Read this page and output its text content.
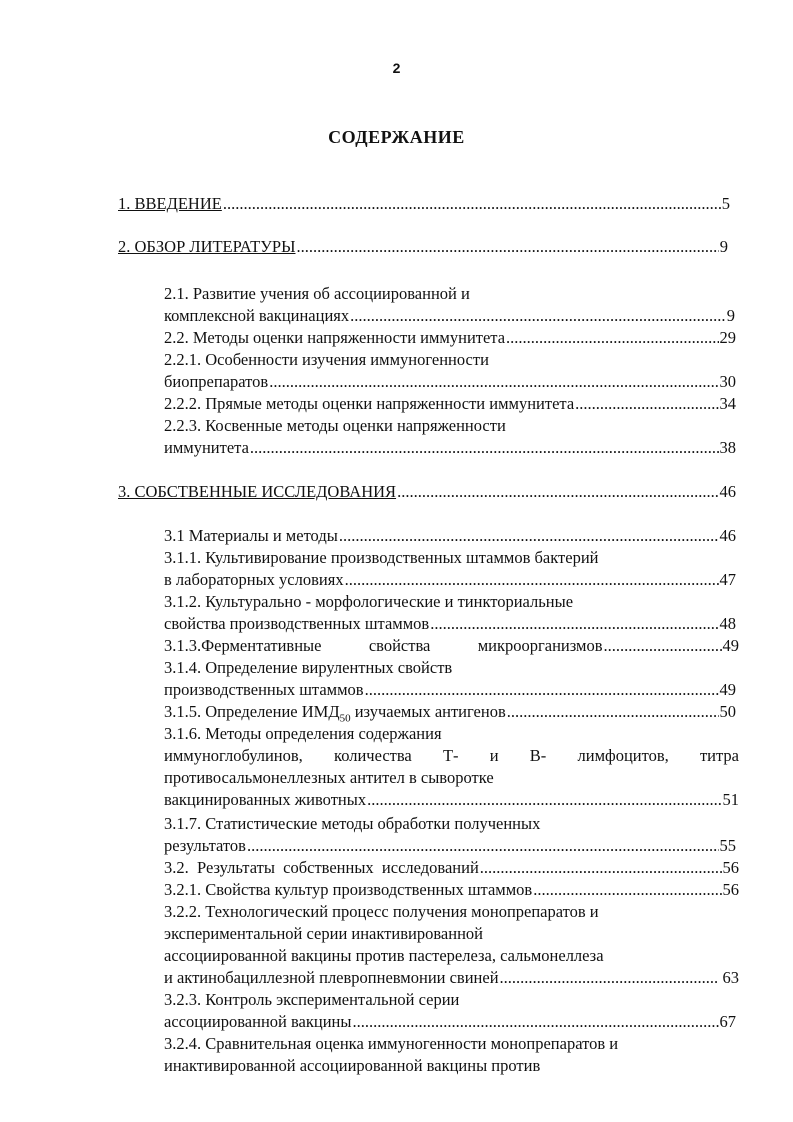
2
СОДЕРЖАНИЕ
1. ВВЕДЕНИЕ .....	5
2. ОБЗОР ЛИТЕРАТУРЫ .....	9
2.1. Развитие учения об ассоциированной и
комплексной вакцинациях .....	9
2.2. Методы оценки напряженности иммунитета .....	29
2.2.1. Особенности изучения иммуногенности
биопрепаратов .....	30
2.2.2. Прямые методы оценки напряженности иммунитета .....	34
2.2.3. Косвенные методы оценки напряженности
иммунитета .....	38
3. СОБСТВЕННЫЕ ИССЛЕДОВАНИЯ .....	46
3.1 Материалы и методы .....	46
3.1.1. Культивирование производственных штаммов бактерий
в лабораторных условиях .....	47
3.1.2. Культурально - морфологические и тинкториальные
свойства производственных штаммов .....	48
3.1.3.Ферментативные	свойства	микроорганизмов .....	49
3.1.4. Определение вирулентных свойств
производственных штаммов .....	49
3.1.5. Определение $ИМД_{50}$ изучаемых антигенов .....	50
3.1.6. Методы определения содержания
иммуноглобулинов, количества Т- и В- лимфоцитов, титра
противосальмонеллезных антител в сыворотке
вакцинированных животных .....	51
3.1.7. Статистические методы обработки полученных
результатов .....	55
3.2.  Результаты  собственных  исследований .....	56
3.2.1. Свойства культур производственных штаммов .....	56
3.2.2. Технологический процесс получения монопрепаратов и
экспериментальной серии инактивированной
ассоциированной вакцины против пастерелеза, сальмонеллеза
и актинобациллезной плевропневмонии свиней .....	63
3.2.3. Контроль экспериментальной серии
ассоциированной вакцины .....	67
3.2.4. Сравнительная оценка иммуногенности монопрепаратов и
инактивированной ассоциированной вакцины против
